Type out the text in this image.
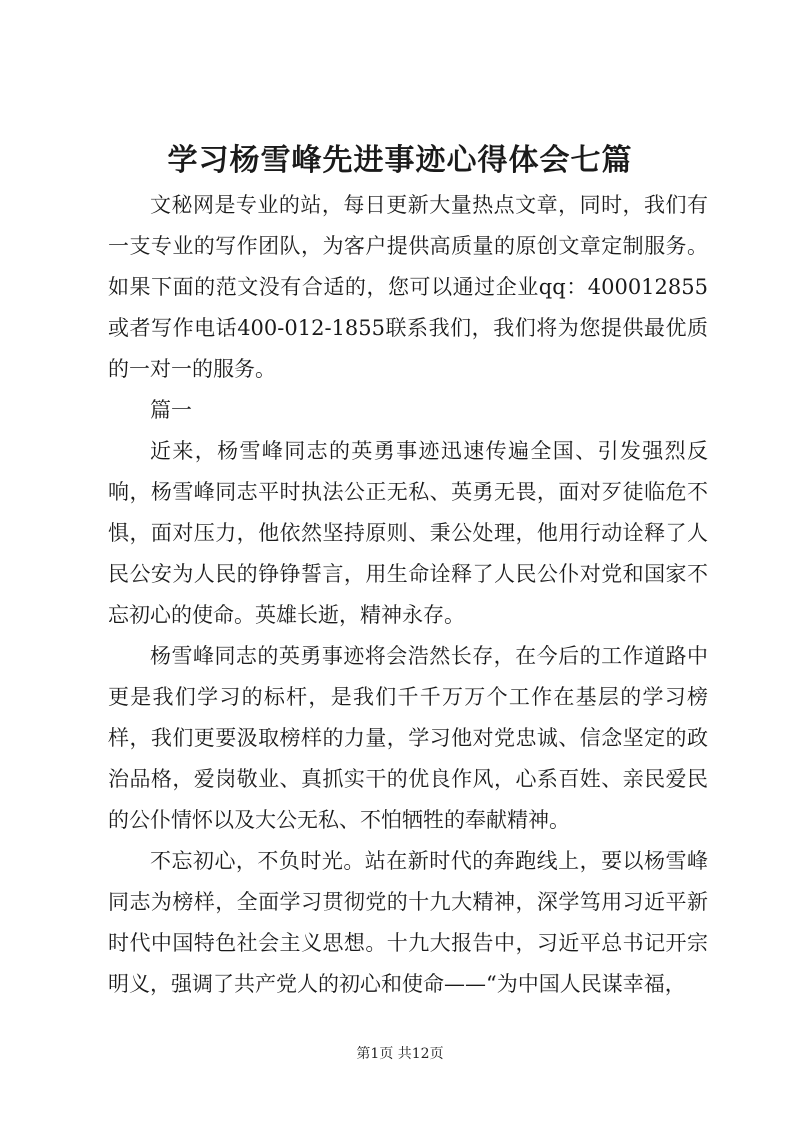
学习杨雪峰先进事迹心得体会七篇

文秘网是专业的站，每日更新大量热点文章，同时，我们有一支专业的写作团队，为客户提供高质量的原创文章定制服务。如果下面的范文没有合适的，您可以通过企业qq：400012855或者写作电话400-012-1855联系我们，我们将为您提供最优质的一对一的服务。

篇一

近来，杨雪峰同志的英勇事迹迅速传遍全国、引发强烈反响，杨雪峰同志平时执法公正无私、英勇无畏，面对歹徒临危不惧，面对压力，他依然坚持原则、秉公处理，他用行动诠释了人民公安为人民的铮铮誓言，用生命诠释了人民公仆对党和国家不忘初心的使命。英雄长逝，精神永存。

杨雪峰同志的英勇事迹将会浩然长存，在今后的工作道路中更是我们学习的标杆，是我们千千万万个工作在基层的学习榜样，我们更要汲取榜样的力量，学习他对党忠诚、信念坚定的政治品格，爱岗敬业、真抓实干的优良作风，心系百姓、亲民爱民的公仆情怀以及大公无私、不怕牺牲的奉献精神。

不忘初心，不负时光。站在新时代的奔跑线上，要以杨雪峰同志为榜样，全面学习贯彻党的十九大精神，深学笃用习近平新时代中国特色社会主义思想。十九大报告中，习近平总书记开宗明义，强调了共产党人的初心和使命——“为中国人民谋幸福，

第1页 共12页
